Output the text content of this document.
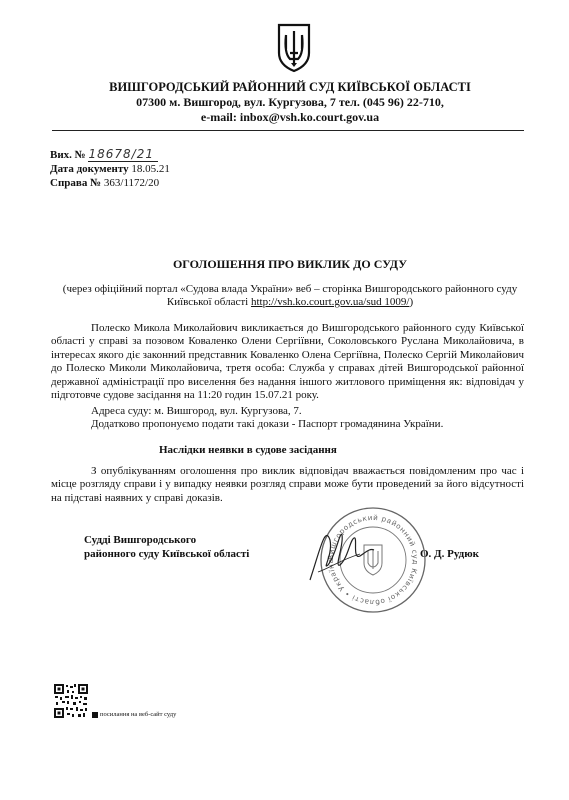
ВИШГОРОДСЬКИЙ РАЙОННИЙ СУД КИЇВСЬКОЇ ОБЛАСТІ
07300 м. Вишгород, вул. Кургузова, 7 тел. (045 96) 22-710,
e-mail: inbox@vsh.ko.court.gov.ua
Вих. № 18678/21
Дата документу 18.05.21
Справа № 363/1172/20
ОГОЛОШЕННЯ ПРО ВИКЛИК ДО СУДУ
(через офіційний портал «Судова влада України» веб – сторінка Вишгородського районного суду
Київської області http://vsh.ko.court.gov.ua/sud 1009/)
Полеско Микола Миколайович викликається до Вишгородського районного суду Київської області у справі за позовом Коваленко Олени Сергіївни, Соколовського Руслана Миколайовича, в інтересах якого діє законний представник Коваленко Олена Сергіївна, Полеско Сергій Миколайович до Полеско Миколи Миколайовича, третя особа: Служба у справах дітей Вишгородської районної державної адміністрації про виселення без надання іншого житлового приміщення як: відповідач у підготовче судове засідання на 11:20 годин 15.07.21 року.
Адреса суду: м. Вишгород, вул. Кургузова, 7.
Додатково пропонуємо подати такі докази - Паспорт громадянина України.
Наслідки неявки в судове засідання
З опублікуванням оголошення про виклик відповідач вважається повідомленим про час і місце розгляду справи і у випадку неявки розгляд справи може бути проведений за його відсутності на підставі наявних у справі доказів.
Судді Вишгородського
районного суду Київської області	О. Д. Рудюк
Вишгородський районний суд Київської області • Україна
посилання на веб-сайт суду
